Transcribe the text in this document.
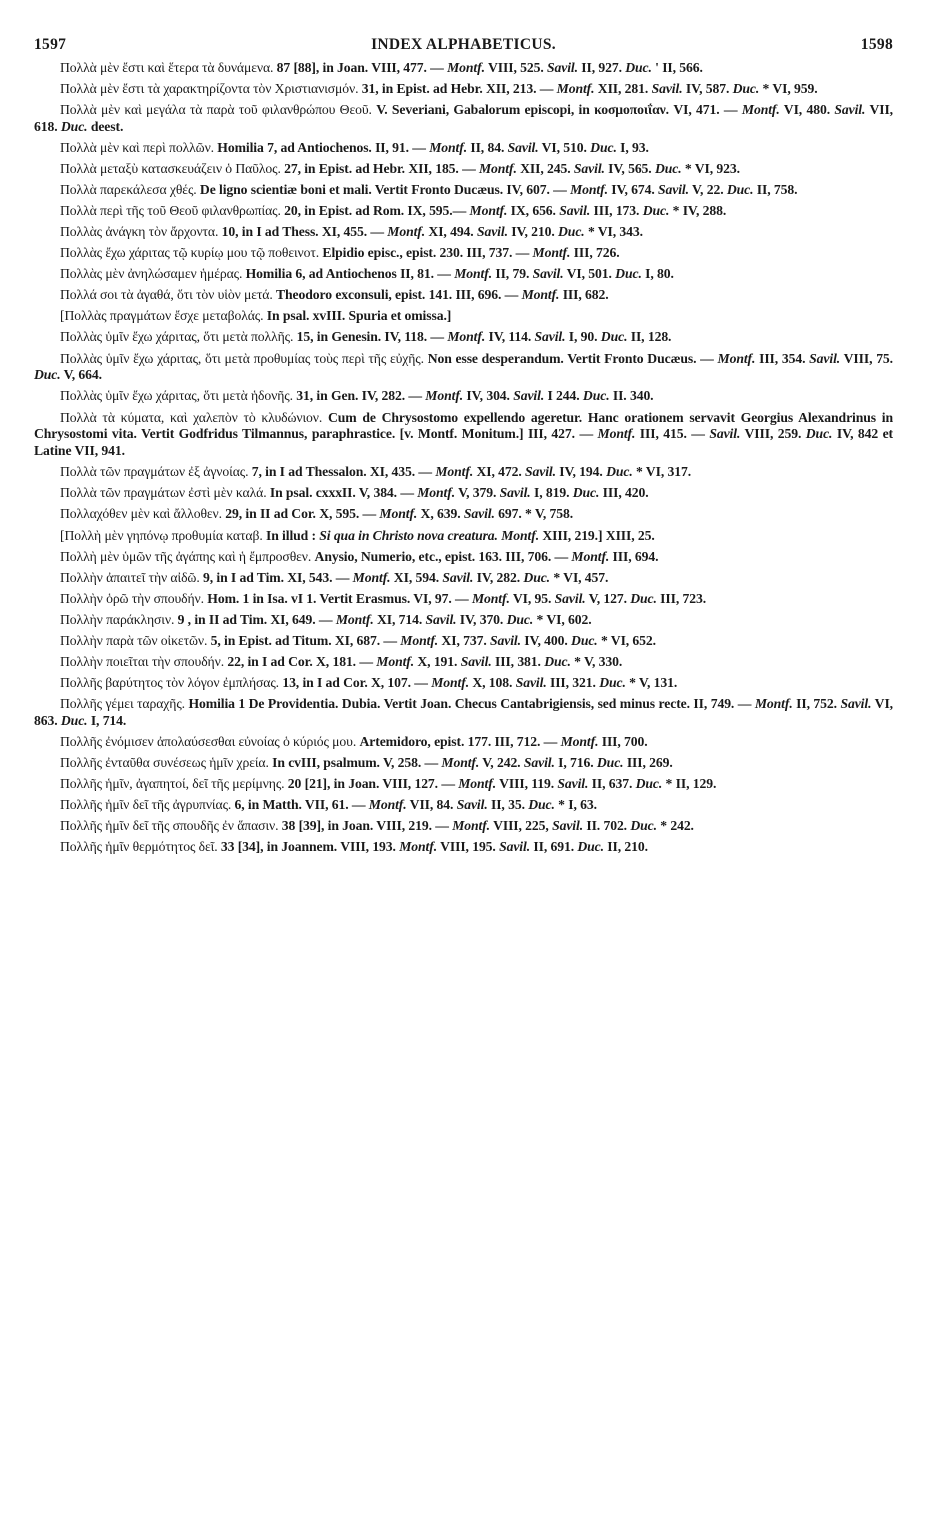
1597	INDEX ALPHABETICUS.	1598

Πολλὰ μὲν ἔστι καὶ ἕτερα τὰ δυνάμενα. 87 [88], in Joan. VIII, 477. — Montf. VIII, 525. Savil. II, 927. Duc. ' II, 566.

Πολλὰ μὲν ἔστι τὰ χαρακτηρίζοντα τὸν Χριστιανισμόν. 31, in Epist. ad Hebr. XII, 213. — Montf. XII, 281. Savil. IV, 587. Duc. * VI, 959.

Πολλὰ μὲν καὶ μεγάλα τὰ παρὰ τοῦ φιλανθρώπου Θεοῦ. V. Severiani, Gabalorum episcopi, in κοσμοποιΐαν. VI, 471. — Montf. VI, 480. Savil. VII, 618. Duc. deest.

Πολλὰ μὲν καὶ περὶ πολλῶν. Homilia 7, ad Antiochenos. II, 91. — Montf. II, 84. Savil. VI, 510. Duc. I, 93.

Πολλὰ μεταξὺ κατασκευάζειν ὁ Παῦλος. 27, in Epist. ad Hebr. XII, 185. — Montf. XII, 245. Savil. IV, 565. Duc. * VI, 923.

Πολλὰ παρεκάλεσα χθές. De ligno scientiæ boni et mali. Vertit Fronto Ducæus. IV, 607. — Montf. IV, 674. Savil. V, 22. Duc. II, 758.

Πολλὰ περὶ τῆς τοῦ Θεοῦ φιλανθρωπίας. 20, in Epist. ad Rom. IX, 595.— Montf. IX, 656. Savil. III, 173. Duc. * IV, 288.

Πολλὰς ἀνάγκη τὸν ἄρχοντα. 10, in I ad Thess. XI, 455. — Montf. XI, 494. Savil. IV, 210. Duc. * VI, 343.

Πολλὰς ἔχω χάριτας τῷ κυρίῳ μου τῷ ποθεινοτ. Elpidio episc., epist. 230. III, 737. — Montf. III, 726.

Πολλὰς μὲν ἀνηλώσαμεν ἡμέρας. Homilia 6, ad Antiochenos II, 81. — Montf. II, 79. Savil. VI, 501. Duc. I, 80.

Πολλά σοι τὰ ἀγαθά, ὅτι τὸν υἱὸν μετά. Theodoro exconsuli, epist. 141. III, 696. — Montf. III, 682.

[Πολλὰς πραγμάτων ἔσχε μεταβολάς. In psal. xvIII. Spuria et omissa.]

Πολλὰς ὑμῖν ἔχω χάριτας, ὅτι μετὰ πολλῆς. 15, in Genesin. IV, 118. — Montf. IV, 114. Savil. I, 90. Duc. II, 128.

Πολλὰς ὑμῖν ἔχω χάριτας, ὅτι μετὰ προθυμίας τοὺς περὶ τῆς εὐχῆς. Non esse desperandum. Vertit Fronto Ducæus. — Montf. III, 354. Savil. VIII, 75. Duc. V, 664.

Πολλὰς ὑμῖν ἔχω χάριτας, ὅτι μετὰ ἡδονῆς. 31, in Gen. IV, 282. — Montf. IV, 304. Savil. I 244. Duc. II. 340.

Πολλὰ τὰ κύματα, καὶ χαλεπὸν τὸ κλυδώνιον. Cum de Chrysostomo expellendo ageretur. Hanc orationem servavit Georgius Alexandrinus in Chrysostomi vita. Vertit Godfridus Tilmannus, paraphrastice. [v. Montf. Monitum.] III, 427. — Montf. III, 415. — Savil. VIII, 259. Duc. IV, 842 et Latine VII, 941.

Πολλὰ τῶν πραγμάτων ἐξ ἀγνοίας. 7, in I ad Thessalon. XI, 435. — Montf. XI, 472. Savil. IV, 194. Duc. * VI, 317.

Πολλὰ τῶν πραγμάτων ἐστὶ μὲν καλά. In psal. cxxxII. V, 384. — Montf. V, 379. Savil. I, 819. Duc. III, 420.

Πολλαχόθεν μὲν καὶ ἄλλοθεν. 29, in II ad Cor. X, 595. — Montf. X, 639. Savil. 697. * V, 758.

[Πολλὴ μὲν γηπόνῳ προθυμία καταβ. In illud : Si qua in Christo nova creatura. Montf. XIII, 219.] XIII, 25.

Πολλὴ μὲν ὑμῶν τῆς ἀγάπης καὶ ἡ ἔμπροσθεν. Anysio, Numerio, etc., epist. 163. III, 706. — Montf. III, 694.

Πολλὴν ἀπαιτεῖ τὴν αἰδῶ. 9, in I ad Tim. XI, 543. — Montf. XI, 594. Savil. IV, 282. Duc. * VI, 457.

Πολλὴν ὁρῶ τὴν σπουδήν. Hom. 1 in Isa. vI 1. Vertit Erasmus. VI, 97. — Montf. VI, 95. Savil. V, 127. Duc. III, 723.

Πολλὴν παράκλησιν. 9 , in II ad Tim. XI, 649. — Montf. XI, 714. Savil. IV, 370. Duc. * VI, 602.

Πολλὴν παρὰ τῶν οἰκετῶν. 5, in Epist. ad Titum. XI, 687. — Montf. XI, 737. Savil. IV, 400. Duc. * VI, 652.

Πολλὴν ποιεῖται τὴν σπουδήν. 22, in I ad Cor. X, 181. — Montf. X, 191. Savil. III, 381. Duc. * V, 330.

Πολλῆς βαρύτητος τὸν λόγον ἐμπλήσας. 13, in I ad Cor. X, 107. — Montf. X, 108. Savil. III, 321. Duc. * V, 131.

Πολλῆς γέμει ταραχῆς. Homilia 1 De Providentia. Dubia. Vertit Joan. Checus Cantabrigiensis, sed minus recte. II, 749. — Montf. II, 752. Savil. VI, 863. Duc. I, 714.

Πολλῆς ἐνόμισεν ἀπολαύσεσθαι εὐνοίας ὁ κύριός μου. Artemidoro, epist. 177. III, 712. — Montf. III, 700.

Πολλῆς ἐνταῦθα συνέσεως ἡμῖν χρεία. In cvIII, psalmum. V, 258. — Montf. V, 242. Savil. I, 716. Duc. III, 269.

Πολλῆς ἡμῖν, ἀγαπητοί, δεῖ τῆς μερίμνης. 20 [21], in Joan. VIII, 127. — Montf. VIII, 119. Savil. II, 637. Duc. * II, 129.

Πολλῆς ἡμῖν δεῖ τῆς ἀγρυπνίας. 6, in Matth. VII, 61. — Montf. VII, 84. Savil. II, 35. Duc. * I, 63.

Πολλῆς ἡμῖν δεῖ τῆς σπουδῆς ἐν ἅπασιν. 38 [39], in Joan. VIII, 219. — Montf. VIII, 225, Savil. II. 702. Duc. * 242.

Πολλῆς ἡμῖν θερμότητος δεῖ. 33 [34], in Joannem. VIII, 193. Montf. VIII, 195. Savil. II, 691. Duc. II, 210.
